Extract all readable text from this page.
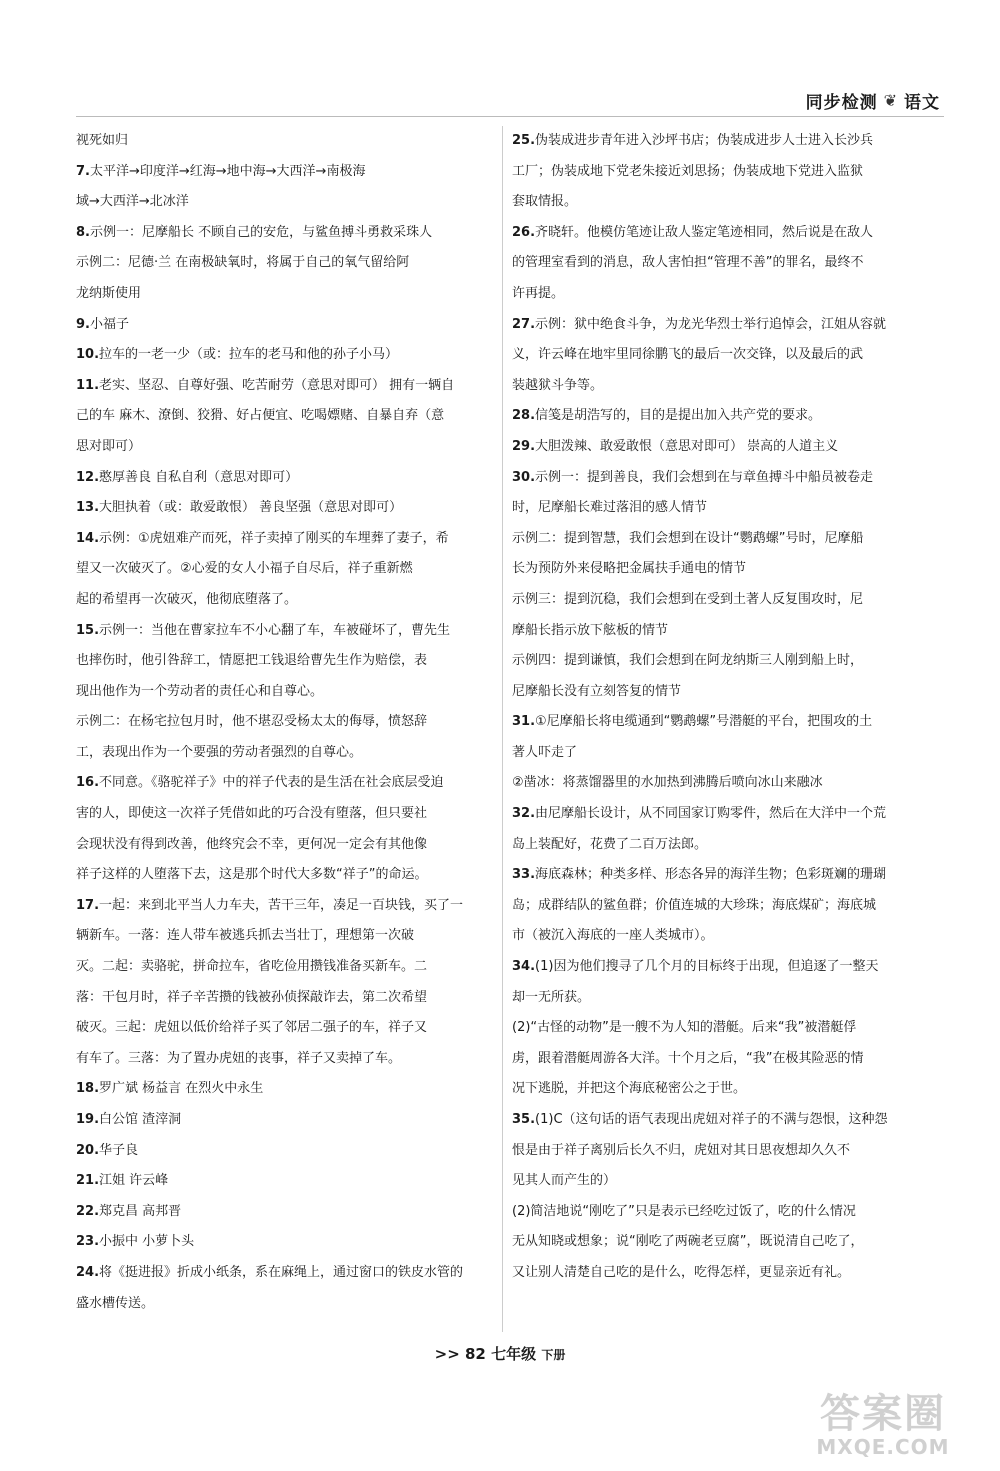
同步检测 ❦ 语文

视死如归

7.太平洋→印度洋→红海→地中海→大西洋→南极海

域→大西洋→北冰洋

8.示例一：尼摩船长 不顾自己的安危，与鲨鱼搏斗勇救采珠人

示例二：尼德·兰 在南极缺氧时，将属于自己的氧气留给阿

龙纳斯使用

9.小福子

10.拉车的一老一少（或：拉车的老马和他的孙子小马）

11.老实、坚忍、自尊好强、吃苦耐劳（意思对即可） 拥有一辆自

己的车 麻木、潦倒、狡猾、好占便宜、吃喝嫖赌、自暴自弃（意

思对即可）

12.憨厚善良 自私自利（意思对即可）

13.大胆执着（或：敢爱敢恨） 善良坚强（意思对即可）

14.示例：①虎妞难产而死，祥子卖掉了刚买的车埋葬了妻子，希

望又一次破灭了。②心爱的女人小福子自尽后，祥子重新燃

起的希望再一次破灭，他彻底堕落了。

15.示例一：当他在曹家拉车不小心翻了车，车被碰坏了，曹先生

也摔伤时，他引咎辞工，情愿把工钱退给曹先生作为赔偿，表

现出他作为一个劳动者的责任心和自尊心。

示例二：在杨宅拉包月时，他不堪忍受杨太太的侮辱，愤怒辞

工，表现出作为一个要强的劳动者强烈的自尊心。

16.不同意。《骆驼祥子》中的祥子代表的是生活在社会底层受迫

害的人，即使这一次祥子凭借如此的巧合没有堕落，但只要社

会现状没有得到改善，他终究会不幸，更何况一定会有其他像

祥子这样的人堕落下去，这是那个时代大多数“祥子”的命运。

17.一起：来到北平当人力车夫，苦干三年，凑足一百块钱，买了一

辆新车。一落：连人带车被逃兵抓去当壮丁，理想第一次破

灭。二起：卖骆驼，拼命拉车，省吃俭用攒钱准备买新车。二

落：干包月时，祥子辛苦攒的钱被孙侦探敲诈去，第二次希望

破灭。三起：虎妞以低价给祥子买了邻居二强子的车，祥子又

有车了。三落：为了置办虎妞的丧事，祥子又卖掉了车。

18.罗广斌 杨益言 在烈火中永生

19.白公馆 渣滓洞

20.华子良

21.江姐 许云峰

22.郑克昌 高邦晋

23.小振中 小萝卜头

24.将《挺进报》折成小纸条，系在麻绳上，通过窗口的铁皮水管的

盛水槽传送。

25.伪装成进步青年进入沙坪书店；伪装成进步人士进入长沙兵

工厂；伪装成地下党老朱接近刘思扬；伪装成地下党进入监狱

套取情报。

26.齐晓轩。他模仿笔迹让敌人鉴定笔迹相同，然后说是在敌人

的管理室看到的消息，敌人害怕担“管理不善”的罪名，最终不

许再提。

27.示例：狱中绝食斗争，为龙光华烈士举行追悼会，江姐从容就

义，许云峰在地牢里同徐鹏飞的最后一次交锋，以及最后的武

装越狱斗争等。

28.信笺是胡浩写的，目的是提出加入共产党的要求。

29.大胆泼辣、敢爱敢恨（意思对即可） 崇高的人道主义

30.示例一：提到善良，我们会想到在与章鱼搏斗中船员被卷走

时，尼摩船长难过落泪的感人情节

示例二：提到智慧，我们会想到在设计“鹦鹉螺”号时，尼摩船

长为预防外来侵略把金属扶手通电的情节

示例三：提到沉稳，我们会想到在受到土著人反复围攻时，尼

摩船长指示放下舷板的情节

示例四：提到谦慎，我们会想到在阿龙纳斯三人刚到船上时，

尼摩船长没有立刻答复的情节

31.①尼摩船长将电缆通到“鹦鹉螺”号潜艇的平台，把围攻的土

著人吓走了

②凿冰：将蒸馏器里的水加热到沸腾后喷向冰山来融冰

32.由尼摩船长设计，从不同国家订购零件，然后在大洋中一个荒

岛上装配好，花费了二百万法郎。

33.海底森林；种类多样、形态各异的海洋生物；色彩斑斓的珊瑚

岛；成群结队的鲨鱼群；价值连城的大珍珠；海底煤矿；海底城

市（被沉入海底的一座人类城市）。

34.(1)因为他们搜寻了几个月的目标终于出现，但追逐了一整天

却一无所获。

(2)“古怪的动物”是一艘不为人知的潜艇。后来“我”被潜艇俘

虏，跟着潜艇周游各大洋。十个月之后，“我”在极其险恶的情

况下逃脱，并把这个海底秘密公之于世。

35.(1)C（这句话的语气表现出虎妞对祥子的不满与怨恨，这种怨

恨是由于祥子离别后长久不归，虎妞对其日思夜想却久久不

见其人而产生的）

(2)简洁地说“刚吃了”只是表示已经吃过饭了，吃的什么情况

无从知晓或想象；说“刚吃了两碗老豆腐”，既说清自己吃了，

又让别人清楚自己吃的是什么，吃得怎样，更显亲近有礼。

>> 82 七年级 下册
答案圈
MXQE.COM
